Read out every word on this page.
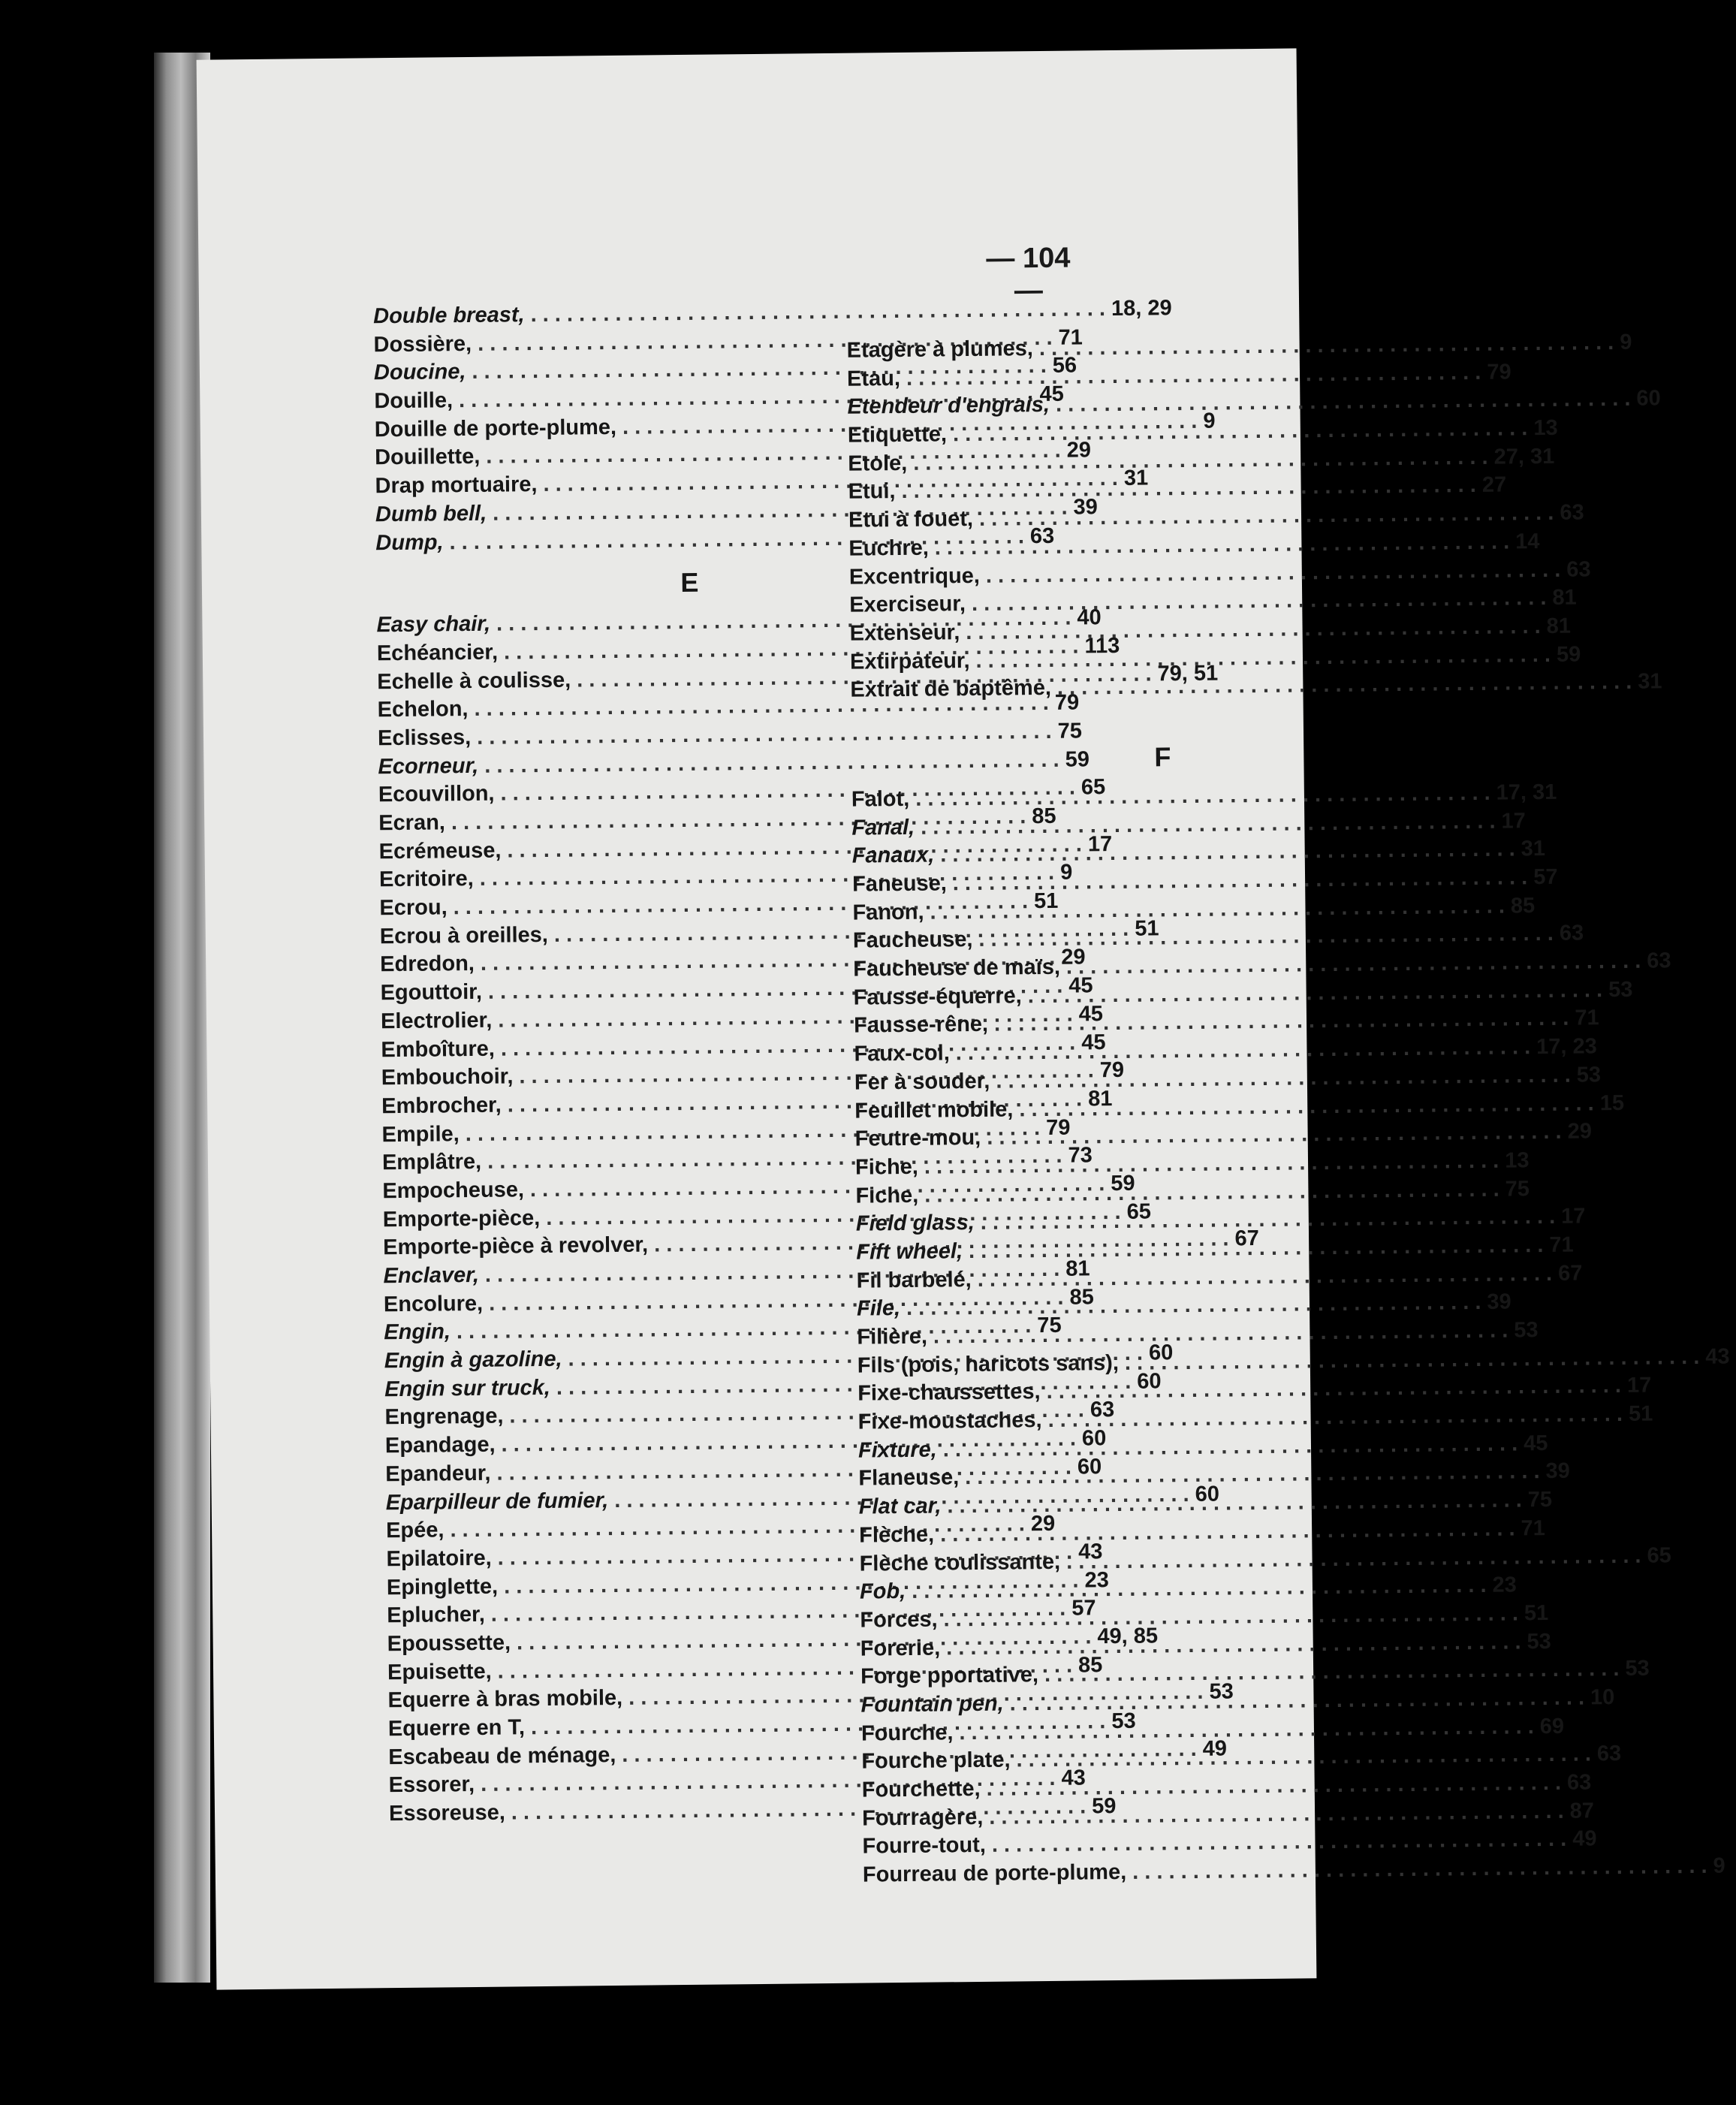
— 104 —
Double breast, . . .	18, 29
Dossière, . . .	71
Doucine, . . .	56
Douille, . . .	45
Douille de porte-plume, . . .	9
Douillette, . . .	29
Drap mortuaire, . . .	31
Dumb bell, . . .	39
Dump, . . .	63
E
Easy chair, . . .	40
Echéancier, . . .	113
Echelle à coulisse, . . .	79, 51
Echelon, . . .	79
Eclisses, . . .	75
Ecorneur, . . .	59
Ecouvillon, . . .	65
Ecran, . . .	85
Ecrémeuse, . . .	17
Ecritoire, . . .	9
Ecrou, . . .	51
Ecrou à oreilles, . . .	51
Edredon, . . .	29
Egouttoir, . . .	45
Electrolier, . . .	45
Emboîture, . . .	45
Embouchoir, . . .	79
Embrocher, . . .	81
Empile, . . .	79
Emplâtre, . . .	73
Empocheuse, . . .	59
Emporte-pièce, . . .	65
Emporte-pièce à revolver, . . .	67
Enclaver, . . .	81
Encolure, . . .	85
Engin, . . .	75
Engin à gazoline, . . .	60
Engin sur truck, . . .	60
Engrenage, . . .	63
Epandage, . . .	60
Epandeur, . . .	60
Eparpilleur de fumier, . . .	60
Epée, . . .	29
Epilatoire, . . .	43
Epinglette, . . .	23
Eplucher, . . .	57
Epoussette, . . .	49, 85
Epuisette, . . .	85
Equerre à bras mobile, . . .	53
Equerre en T, . . .	53
Escabeau de ménage, . . .	49
Essorer, . . .	43
Essoreuse, . . .	59
Etagère à plumes, . . .	9
Etau, . . .	79
Etendeur d'engrais, . . .	60
Etiquette, . . .	13
Etole, . . .	27, 31
Etui, . . .	27
Etui à fouet, . . .	63
Euchre, . . .	14
Excentrique, . . .	63
Exerciseur, . . .	81
Extenseur, . . .	81
Extirpateur, . . .	59
Extrait de baptême, . . .	31
F
Falot, . . .	17, 31
Fanal, . . .	17
Fanaux, . . .	31
Faneuse, . . .	57
Fanon, . . .	85
Faucheuse, . . .	63
Faucheuse de maïs, . . .	63
Fausse-équerre, . . .	53
Fausse-rêne, . . .	71
Faux-col, . . .	17, 23
Fer à souder, . . .	53
Feuillet mobile, . . .	15
Feutre-mou, . . .	29
Fiche, . . .	13
Fiche, . . .	75
Field glass, . . .	17
Fift wheel, . . .	71
Fil barbelé, . . .	67
File, . . .	39
Filière, . . .	53
Fils (pois, haricots sans), . . .	43
Fixe-chaussettes, . . .	17
Fixe-moustaches, . . .	51
Fixture, . . .	45
Flaneuse, . . .	39
Flat car, . . .	75
Flèche, . . .	71
Flèche coulissante, . . .	65
Fob, . . .	23
Forces, . . .	51
Forerie, . . .	53
Forge pportative, . . .	53
Fountain pen, . . .	10
Fourche, . . .	69
Fourche plate, . . .	63
Fourchette, . . .	63
Fourragère, . . .	87
Fourre-tout, . . .	49
Fourreau de porte-plume, . . .	9
